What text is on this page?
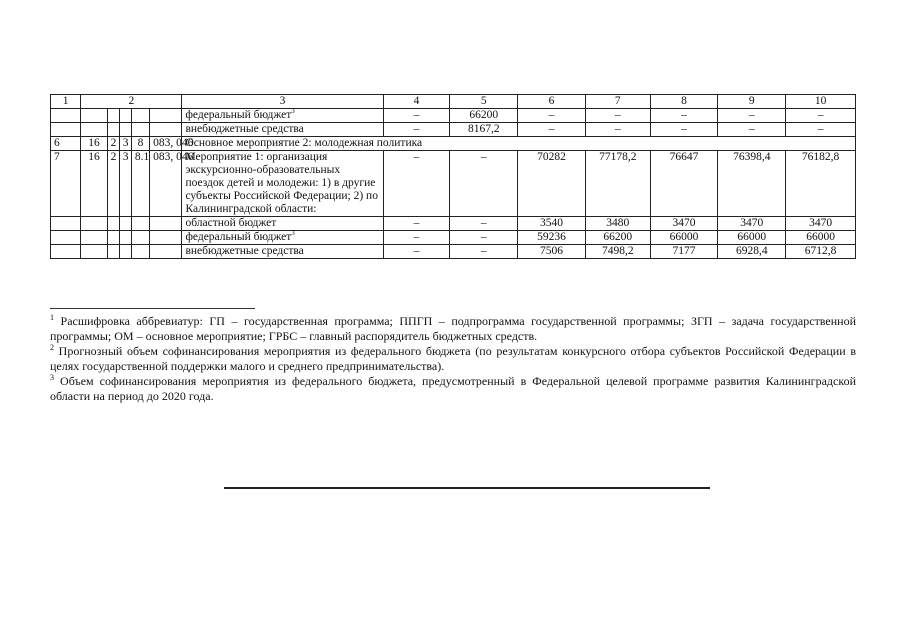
1	2					3	4	5	6	7	8	9	10
						федеральный бюджет$^3$	–	66200	–	–	–	–	–
						внебюджетные средства	–	8167,2	–	–	–	–	–
6	16	2	3	8	083, 046	Основное мероприятие 2: молодежная политика							
7	16	2	3	8.1	083, 046	Мероприятие 1: организация экскурсионно-образовательных поездок детей и молодежи: 1) в другие субъекты Российской Федерации; 2) по Калининградской области:	–	–	70282	77178,2	76647	76398,4	76182,8
						областной бюджет	–	–	3540	3480	3470	3470	3470
						федеральный бюджет$^3$	–	–	59236	66200	66000	66000	66000
						внебюджетные средства	–	–	7506	7498,2	7177	6928,4	6712,8

$^1$ Расшифровка аббревиатур: ГП – государственная программа; ППГП – подпрограмма государственной программы; ЗГП – задача государственной программы; ОМ – основное мероприятие; ГРБС – главный распорядитель бюджетных средств.

$^2$ Прогнозный объем софинансирования мероприятия из федерального бюджета (по результатам конкурсного отбора субъектов Российской Федерации в целях государственной поддержки малого и среднего предпринимательства).

$^3$ Объем софинансирования мероприятия из федерального бюджета, предусмотренный в Федеральной целевой программе развития Калининградской области на период до 2020 года.
